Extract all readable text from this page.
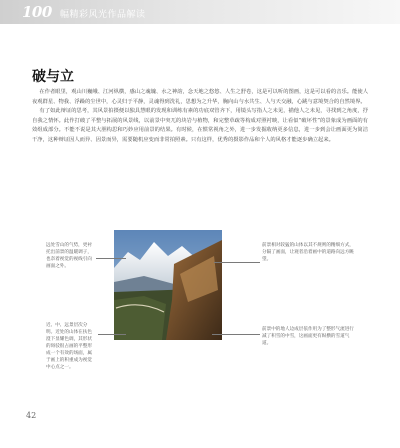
100 幅精彩风光作品解读
破与立

在作者眼里，观山川巍峨、江河纵横，感山之魂魄、水之神韵，念天地之悠悠、人生之舒卷，这是可以听的图画，这是可以看的音乐。能使人夜观群星、物我、浮躁的尘世中，心灵归于平静，灵魂得到洗礼，思想为之升华，胸向山与水共生、人与天交融，心跳与意境契合的自然境界。

有了如此辩证的思考，其风景拍摄便以独具慧眼的发现和训练有素的功底双管齐下，用镜头写指人之未见，描他人之未见，寻找到之角度，抒自我之情怀。此作打破了平整与拓展的风景线，以前景中突兀的块岩与植物，和完整草疏等构成对照衬映，让看似“破坏性”的景象成为画面的有效组成部分。不能不说是其大胆构思和巧妙应用前景的结果。有时候，在惯常视角之外，进一步发掘收纳更多信息，进一步到会让画面更为简洁干净，这种辩证因人而异、因景而异，需要随机应变而非常拍照素。只有这样，优秀的摄影作品和个人的风格才能逐步确立起来。

远处雪山的气势，更衬托出前景的温暖调子，也奈着视觉的视线引向画面之外。
近、中、远景层次分明。近处的山体在扶色澄下显耀色调，其形状的斑驳很占画的平整形成一个有效的场面，属于画上的积重成为视觉中心点之一。
前景相对较猛的山体以其不规则的精细方式，分隔了画面，让观者沿着画中的道路向远方眺望。
前景中的地人边成层依作用为了整形气流进行减了积雪的中雪，这画面更有纵横的雪道气道。
42
